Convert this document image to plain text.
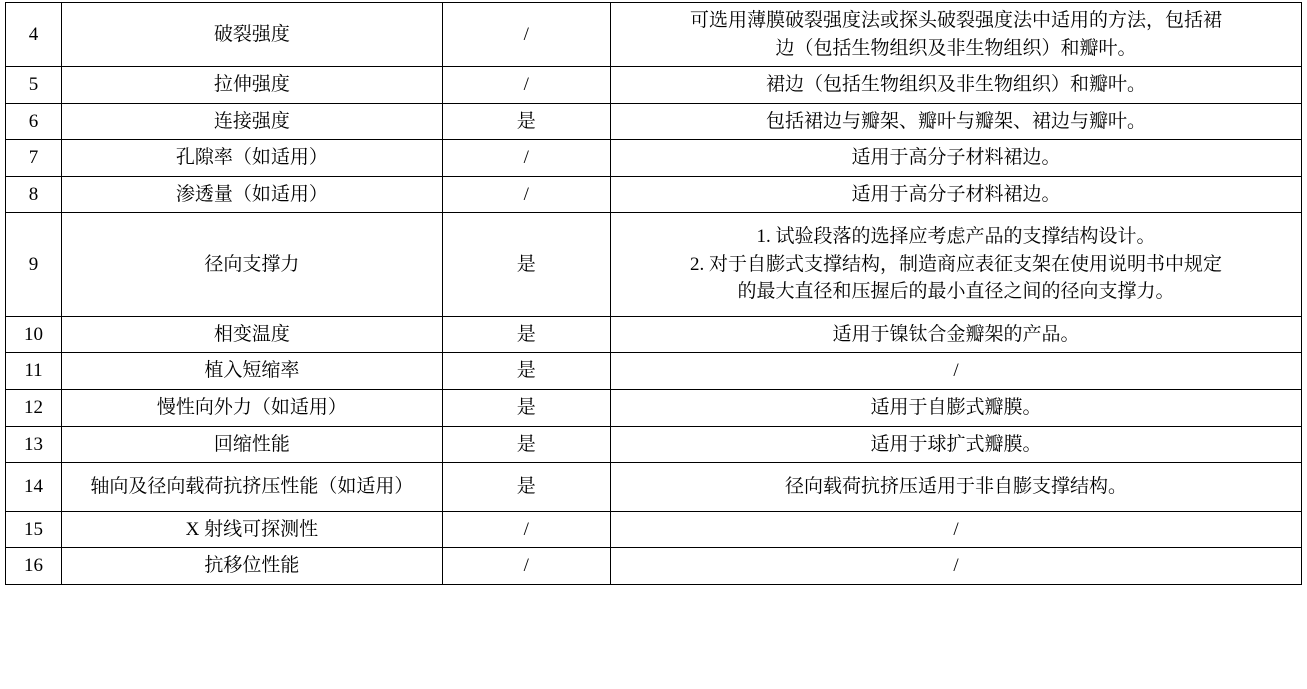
4	破裂强度	/	可选用薄膜破裂强度法或探头破裂强度法中适用的方法，包括裙
边（包括生物组织及非生物组织）和瓣叶。

5	拉伸强度	/	裙边（包括生物组织及非生物组织）和瓣叶。

6	连接强度	是	包括裙边与瓣架、瓣叶与瓣架、裙边与瓣叶。

7	孔隙率（如适用）	/	适用于高分子材料裙边。

8	渗透量（如适用）	/	适用于高分子材料裙边。

9	径向支撑力	是	1. 试验段落的选择应考虑产品的支撑结构设计。
2. 对于自膨式支撑结构，制造商应表征支架在使用说明书中规定
的最大直径和压握后的最小直径之间的径向支撑力。

10	相变温度	是	适用于镍钛合金瓣架的产品。

11	植入短缩率	是	/

12	慢性向外力（如适用）	是	适用于自膨式瓣膜。

13	回缩性能	是	适用于球扩式瓣膜。

14	轴向及径向载荷抗挤压性能（如适用）	是	径向载荷抗挤压适用于非自膨支撑结构。

15	X 射线可探测性	/	/

16	抗移位性能	/	/
